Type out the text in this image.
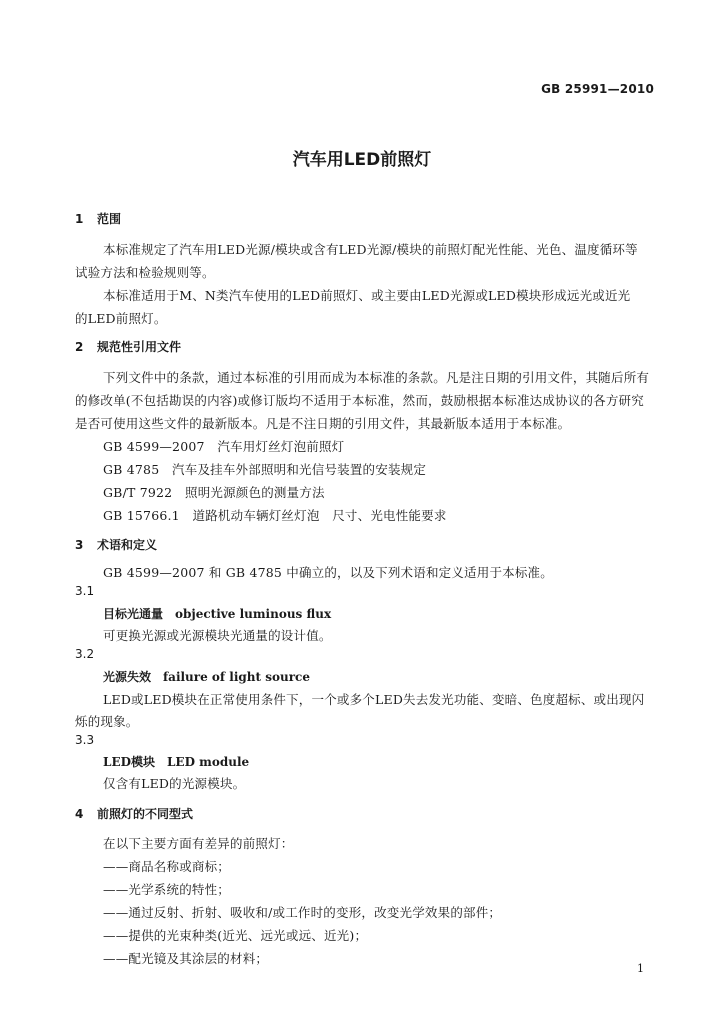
GB 25991—2010
汽车用LED前照灯
1 范围
本标准规定了汽车用LED光源/模块或含有LED光源/模块的前照灯配光性能、光色、温度循环等
试验方法和检验规则等。
本标准适用于M、N类汽车使用的LED前照灯、或主要由LED光源或LED模块形成远光或近光
的LED前照灯。
2 规范性引用文件
下列文件中的条款，通过本标准的引用而成为本标准的条款。凡是注日期的引用文件，其随后所有
的修改单(不包括勘误的内容)或修订版均不适用于本标准，然而，鼓励根据本标准达成协议的各方研究
是否可使用这些文件的最新版本。凡是不注日期的引用文件，其最新版本适用于本标准。
GB 4599—2007　汽车用灯丝灯泡前照灯
GB 4785　汽车及挂车外部照明和光信号装置的安装规定
GB/T 7922　照明光源颜色的测量方法
GB 15766.1　道路机动车辆灯丝灯泡　尺寸、光电性能要求
3 术语和定义
GB 4599—2007 和 GB 4785 中确立的，以及下列术语和定义适用于本标准。
3.1
目标光通量　objective luminous flux
可更换光源或光源模块光通量的设计值。
3.2
光源失效　failure of light source
LED或LED模块在正常使用条件下，一个或多个LED失去发光功能、变暗、色度超标、或出现闪
烁的现象。
3.3
LED模块　LED module
仅含有LED的光源模块。
4 前照灯的不同型式
在以下主要方面有差异的前照灯：
——商品名称或商标；
——光学系统的特性；
——通过反射、折射、吸收和/或工作时的变形，改变光学效果的部件；
——提供的光束种类(近光、远光或远、近光)；
——配光镜及其涂层的材料；
1
